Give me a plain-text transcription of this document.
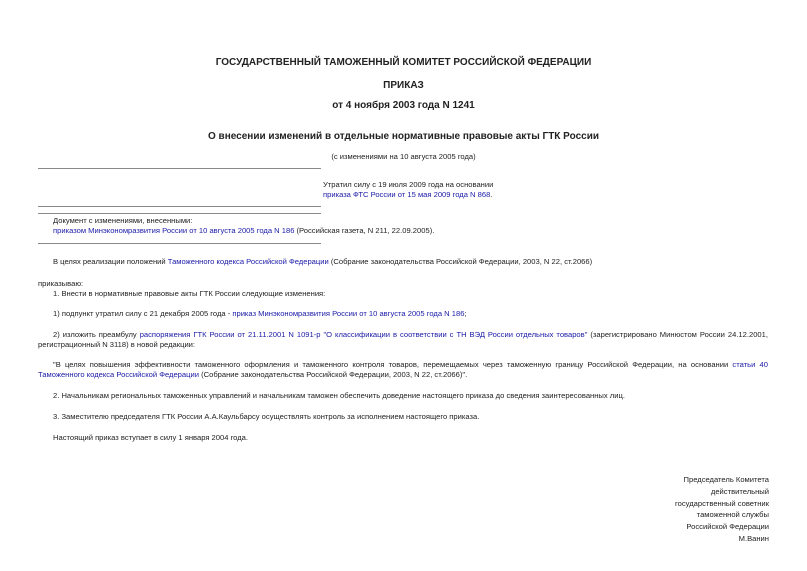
ГОСУДАРСТВЕННЫЙ ТАМОЖЕННЫЙ КОМИТЕТ РОССИЙСКОЙ ФЕДЕРАЦИИ
ПРИКАЗ
от 4 ноября 2003 года N 1241
О внесении изменений в отдельные нормативные правовые акты ГТК России
(с изменениями на 10 августа 2005 года)
Утратил силу с 19 июля 2009 года на основании
приказа ФТС России от 15 мая 2009 года N 868.
Документ с изменениями, внесенными:
приказом Минэкономразвития России от 10 августа 2005 года N 186 (Российская газета, N 211, 22.09.2005).
В целях реализации положений Таможенного кодекса Российской Федерации (Собрание законодательства Российской Федерации, 2003, N 22, ст.2066)
приказываю:
1. Внести в нормативные правовые акты ГТК России следующие изменения:
1) подпункт утратил силу с 21 декабря 2005 года - приказ Минэкономразвития России от 10 августа 2005 года N 186;
2) изложить преамбулу распоряжения ГТК России от 21.11.2001 N 1091-р "О классификации в соответствии с ТН ВЭД России отдельных товаров" (зарегистрировано Минюстом России 24.12.2001, регистрационный N 3118) в новой редакции:
"В целях повышения эффективности таможенного оформления и таможенного контроля товаров, перемещаемых через таможенную границу Российской Федерации, на основании статьи 40 Таможенного кодекса Российской Федерации (Собрание законодательства Российской Федерации, 2003, N 22, ст.2066)".
2. Начальникам региональных таможенных управлений и начальникам таможен обеспечить доведение настоящего приказа до сведения заинтересованных лиц.
3. Заместителю председателя ГТК России А.А.Каульбарсу осуществлять контроль за исполнением настоящего приказа.
Настоящий приказ вступает в силу 1 января 2004 года.
Председатель Комитета
действительный
государственный советник
таможенной службы
Российской Федерации
М.Ванин
